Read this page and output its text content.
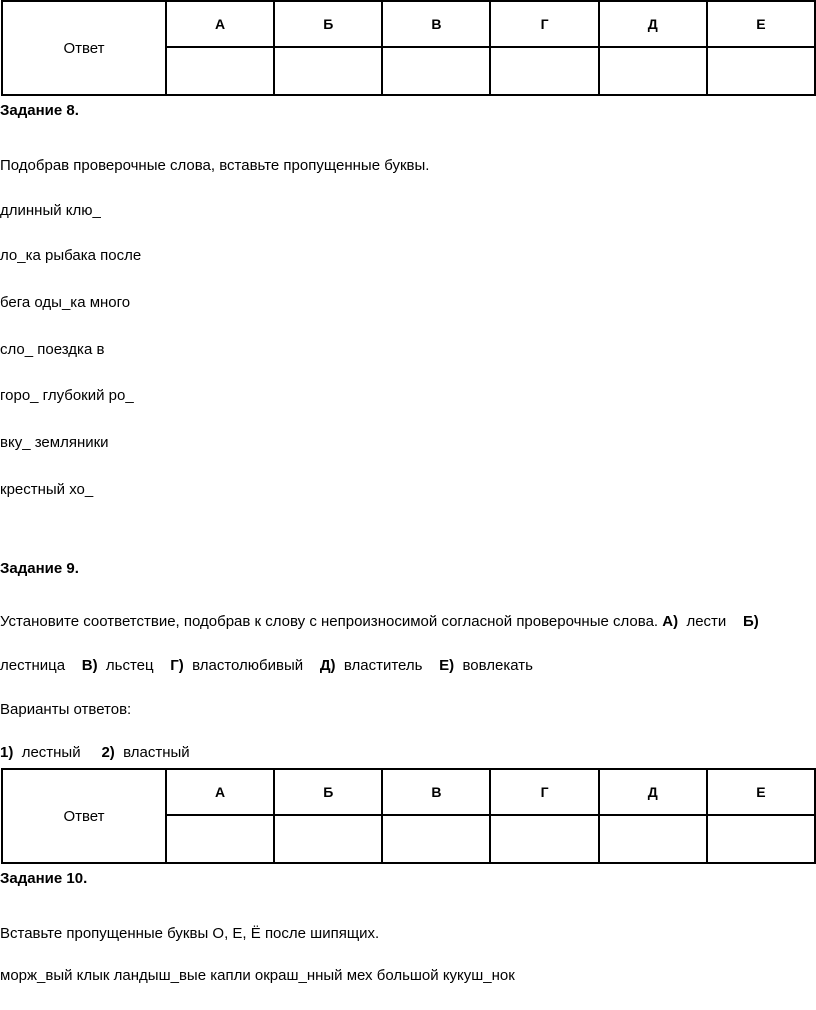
Ответ	А	Б	В	Г	Д	Е

Задание 8.
Подобрав проверочные слова, вставьте пропущенные буквы.
длинный клю_
ло_ка рыбака после
бега оды_ка много
сло_ поездка в
горо_ глубокий ро_
вку_ земляники
крестный хо_
Задание 9.
Установите соответствие, подобрав к слову с непроизносимой согласной проверочные слова. А) лести Б)
лестница В) льстец Г) властолюбивый Д) властитель Е) вовлекать
Варианты ответов:
1) лестный 2) властный
Ответ	А	Б	В	Г	Д	Е

Задание 10.
Вставьте пропущенные буквы О, Е, Ё после шипящих.
морж_вый клык ландыш_вые капли окраш_нный мех большой кукуш_нок
